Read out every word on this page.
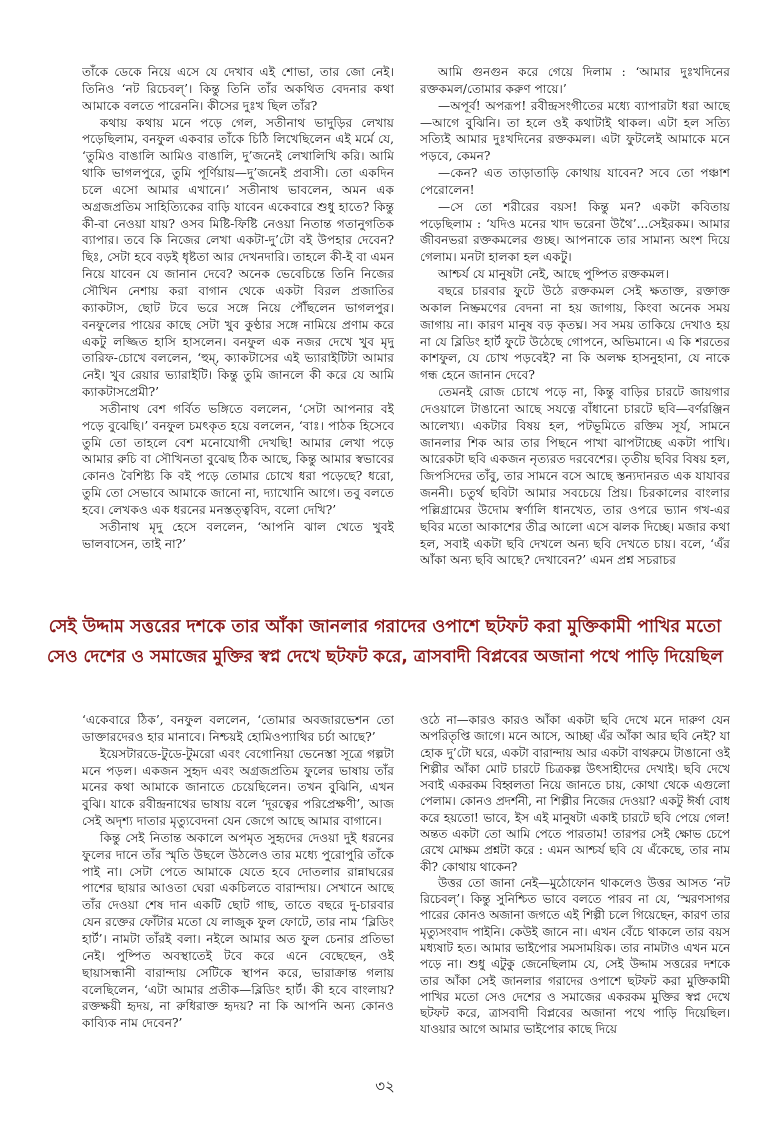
তাঁকে ডেকে নিয়ে এসে যে দেখাব এই শোভা, তার জো নেই। তিনিও ‘নট রিচেবল্’। কিন্তু তিনি তাঁর অকথিত বেদনার কথা আমাকে বলতে পারেননি। কীসের দুঃখ ছিল তাঁর?

কথায় কথায় মনে পড়ে গেল, সতীনাথ ভাদুড়ির লেখায় পড়েছিলাম, বনফুল একবার তাঁকে চিঠি লিখেছিলেন এই মর্মে যে, ‘তুমিও বাঙালি আমিও বাঙালি, দু’জনেই লেখালিখি করি। আমি থাকি ভাগলপুরে, তুমি পূর্ণিয়ায়—দু’জনেই প্রবাসী। তো একদিন চলে এসো আমার এখানে।’ সতীনাথ ভাবলেন, অমন এক অগ্রজপ্রতিম সাহিত্যিকের বাড়ি যাবেন একেবারে শুধু হাতে? কিন্তু কী-বা নেওয়া যায়? ওসব মিষ্টি-ফিষ্টি নেওয়া নিতান্ত গতানুগতিক ব্যাপার। তবে কি নিজের লেখা একটা-দু’টো বই উপহার দেবেন? ছিঃ, সেটা হবে বড়ই ধৃষ্টতা আর দেখনদারি। তাহলে কী-ই বা এমন নিয়ে যাবেন যে জানান দেবে? অনেক ভেবেচিন্তে তিনি নিজের সৌখিন নেশায় করা বাগান থেকে একটা বিরল প্রজাতির ক্যাকটাস, ছোট টবে ভরে সঙ্গে নিয়ে পৌঁছলেন ভাগলপুর। বনফুলের পায়ের কাছে সেটা খুব কুণ্ঠার সঙ্গে নামিয়ে প্রণাম করে একটু লজ্জিত হাসি হাসলেন। বনফুল এক নজর দেখে খুব মৃদু তারিফ-চোখে বললেন, ‘হুম্, ক্যাকটাসের এই ভ্যারাইটিটা আমার নেই। খুব রেয়ার ভ্যারাইটি। কিন্তু তুমি জানলে কী করে যে আমি ক্যাকটাসপ্রেমী?’

সতীনাথ বেশ গর্বিত ভঙ্গিতে বললেন, ‘সেটা আপনার বই পড়ে বুঝেছি।’ বনফুল চমৎকৃত হয়ে বললেন, ‘বাঃ। পাঠক হিসেবে তুমি তো তাহলে বেশ মনোযোগী দেখছি! আমার লেখা পড়ে আমার রুচি বা সৌখিনতা বুঝেছ ঠিক আছে, কিন্তু আমার স্বভাবের কোনও বৈশিষ্ট্য কি বই পড়ে তোমার চোখে ধরা পড়েছে? ধরো, তুমি তো সেভাবে আমাকে জানো না, দ্যাখোনি আগে। তবু বলতে হবে। লেখকও এক ধরনের মনস্তত্ত্ববিদ, বলো দেখি?’

সতীনাথ মৃদু হেসে বললেন, ‘আপনি ঝাল খেতে খুবই ভালবাসেন, তাই না?’

আমি গুনগুন করে গেয়ে দিলাম : ‘আমার দুঃখদিনের রক্তকমল/তোমার করুণ পায়ে।’

—অপূর্ব! অপরূপ! রবীন্দ্রসংগীতের মধ্যে ব্যাপারটা ধরা আছে—আগে বুঝিনি। তা হলে ওই কথাটাই থাকল। এটা হল সত্যি সত্যিই আমার দুঃখদিনের রক্তকমল। এটা ফুটলেই আমাকে মনে পড়বে, কেমন?

—কেন? এত তাড়াতাড়ি কোথায় যাবেন? সবে তো পঞ্চাশ পেরোলেন!

—সে তো শরীরের বয়স! কিন্তু মন? একটা কবিতায় পড়েছিলাম : ‘যদিও মনের খাদ ভরেনা উথৈ’...সেইরকম। আমার জীবনভরা রক্তকমলের গুচ্ছ। আপনাকে তার সামান্য অংশ দিয়ে গেলাম। মনটা হালকা হল একটু।

আশ্চর্য যে মানুষটা নেই, আছে পুষ্পিত রক্তকমল।

বছরে চারবার ফুটে উঠে রক্তকমল সেই ক্ষতাক্ত, রক্তাক্ত অকাল নিষ্ক্রমণের বেদনা না হয় জাগায়, কিংবা অনেক সময় জাগায় না। কারণ মানুষ বড় কৃতঘ্ন। সব সময় তাকিয়ে দেখাও হয় না যে ব্লিডিং হার্ট ফুটে উঠেছে গোপনে, অভিমানে। এ কি শরতের কাশফুল, যে চোখ পড়বেই? না কি অলক্ষ হাসনুহানা, যে নাকে গন্ধ হেনে জানান দেবে?

তেমনই রোজ চোখে পড়ে না, কিন্তু বাড়ির চারটে জায়গার দেওয়ালে টাঙানো আছে সযত্নে বাঁধানো চারটে ছবি—বর্ণরঞ্জিন আলেখ্য। একটার বিষয় হল, পটভূমিতে রক্তিম সূর্য, সামনে জানলার শিক আর তার পিছনে পাখা ঝাপটাচ্ছে একটা পাখি। আরেকটা ছবি একজন নৃত্যরত দরবেশের। তৃতীয় ছবির বিষয় হল, জিপসিদের তাঁবু, তার সামনে বসে আছে স্তন্যদানরত এক যাযাবর জননী। চতুর্থ ছবিটা আমার সবচেয়ে প্রিয়। চিরকালের বাংলার পল্লিগ্রামের উদোম স্বর্ণালি ধানখেত, তার ওপরে ভ্যান গখ-এর ছবির মতো আকাশের তীব্র আলো এসে ঝলক দিচ্ছে। মজার কথা হল, সবাই একটা ছবি দেখলে অন্য ছবি দেখতে চায়। বলে, ‘এঁর আঁকা অন্য ছবি আছে? দেখাবেন?’ এমন প্রশ্ন সচরাচর

সেই উদ্দাম সত্তরের দশকে তার আঁকা জানলার গরাদের ওপাশে ছটফট করা মুক্তিকামী পাখির মতো
সেও দেশের ও সমাজের মুক্তির স্বপ্ন দেখে ছটফট করে, ত্রাসবাদী বিপ্লবের অজানা পথে পাড়ি দিয়েছিল

‘একেবারে ঠিক’, বনফুল বললেন, ‘তোমার অবজারভেশন তো ডাক্তারদেরও হার মানাবে। নিশ্চয়ই হোমিওপ্যাথির চর্চা আছে?’

ইয়েসটারডে-টুডে-টুমরো এবং বেগোনিয়া ভেনেস্তা সূত্রে গল্পটা মনে পড়ল। একজন সুহৃদ এবং অগ্রজপ্রতিম ফুলের ভাষায় তাঁর মনের কথা আমাকে জানাতে চেয়েছিলেন। তখন বুঝিনি, এখন বুঝি। যাকে রবীন্দ্রনাথের ভাষায় বলে ‘দূরত্বের পরিপ্রেক্ষণী’, আজ সেই অদৃশ্য দাতার মৃত্যুবেদনা যেন জেগে আছে আমার বাগানে।

কিন্তু সেই নিতান্ত অকালে অপমৃত সুহৃদের দেওয়া দুই ধরনের ফুলের দানে তাঁর স্মৃতি উছলে উঠলেও তার মধ্যে পুরোপুরি তাঁকে পাই না। সেটা পেতে আমাকে যেতে হবে দোতলার রান্নাঘরের পাশের ছায়ার আওতা ঘেরা একচিলতে বারান্দায়। সেখানে আছে তাঁর দেওয়া শেষ দান একটি ছোট গাছ, তাতে বছরে দু-চারবার যেন রক্তের ফোঁটার মতো যে লাজুক ফুল ফোটে, তার নাম ‘ব্লিডিং হার্ট’। নামটা তাঁরই বলা। নইলে আমার অত ফুল চেনার প্রতিভা নেই। পুষ্পিত অবস্থাতেই টবে করে এনে বেছেছেন, ওই ছায়াসন্ধানী বারান্দায় সেটিকে স্থাপন করে, ভারাক্রান্ত গলায় বলেছিলেন, ‘এটা আমার প্রতীক—ব্লিডিং হার্ট। কী হবে বাংলায়? রক্তক্ষয়ী হৃদয়, না রুধিরাক্ত হৃদয়? না কি আপনি অন্য কোনও কাব্যিক নাম দেবেন?’

ওঠে না—কারও কারও আঁকা একটা ছবি দেখে মনে দারুণ যেন অপরিতৃপ্তি জাগে। মনে আসে, আচ্ছা এঁর আঁকা আর ছবি নেই? যা হোক দু’টো ঘরে, একটা বারান্দায় আর একটা বাথরুমে টাঙানো ওই শিল্পীর আঁকা মোট চারটে চিত্রকল্প উৎসাহীদের দেখাই। ছবি দেখে সবাই একরকম বিহ্বলতা নিয়ে জানতে চায়, কোথা থেকে এগুলো পেলাম। কোনও প্রদর্শনী, না শিল্পীর নিজের দেওয়া? একটু ঈর্ষা বোধ করে হয়তো! ভাবে, ইস এই মানুষটা একাই চারটে ছবি পেয়ে গেল! অন্তত একটা তো আমি পেতে পারতাম! তারপর সেই ক্ষোভ চেপে রেখে মোক্ষম প্রশ্নটা করে : এমন আশ্চর্য ছবি যে এঁকেছে, তার নাম কী? কোথায় থাকেন?

উত্তর তো জানা নেই—মুঠোফোন থাকলেও উত্তর আসত ‘নট রিচেবল্’। কিন্তু সুনিশ্চিত ভাবে বলতে পারব না যে, ‘স্মরণসাগর পারের কোনও অজানা জগতে এই শিল্পী চলে গিয়েছেন, কারণ তার মৃত্যুসংবাদ পাইনি। কেউই জানে না। এখন বেঁচে থাকলে তার বয়স মধ্যষাট হত। আমার ভাইপোর সমসাময়িক। তার নামটাও এখন মনে পড়ে না। শুধু এটুকু জেনেছিলাম যে, সেই উদ্দাম সত্তরের দশকে তার আঁকা সেই জানলার গরাদের ওপাশে ছটফট করা মুক্তিকামী পাখির মতো সেও দেশের ও সমাজের একরকম মুক্তির স্বপ্ন দেখে ছটফট করে, ত্রাসবাদী বিপ্লবের অজানা পথে পাড়ি দিয়েছিল। যাওয়ার আগে আমার ভাইপোর কাছে দিয়ে

৩২
